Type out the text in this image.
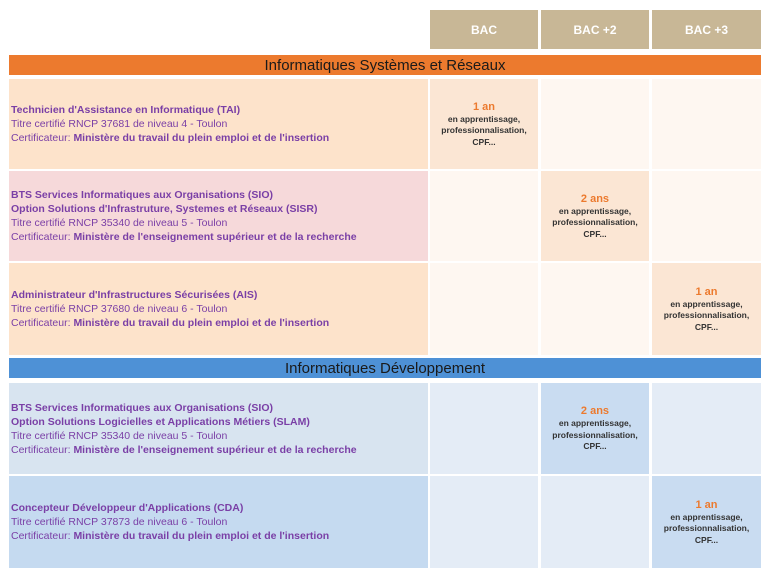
BAC	BAC +2	BAC +3
Informatiques Systèmes et Réseaux
Informatiques Développement
Technicien d'Assistance en Informatique (TAI)
Titre certifié RNCP 37681 de niveau 4 - Toulon
Certificateur: Ministère du travail du plein emploi et de l'insertion
1 an
en apprentissage,
professionnalisation,
CPF...
BTS Services Informatiques aux Organisations (SIO)
Option Solutions d'Infrastruture, Systemes et Réseaux (SISR)
Titre certifié RNCP 35340 de niveau 5 - Toulon
Certificateur: Ministère de l'enseignement supérieur et de la recherche
2 ans
en apprentissage,
professionnalisation,
CPF...
Administrateur d'Infrastructures Sécurisées (AIS)
Titre certifié RNCP 37680 de niveau 6 - Toulon
Certificateur: Ministère du travail du plein emploi et de l'insertion
1 an
en apprentissage,
professionnalisation,
CPF...
BTS Services Informatiques aux Organisations (SIO)
Option Solutions Logicielles et Applications Métiers (SLAM)
Titre certifié RNCP 35340 de niveau 5 - Toulon
Certificateur: Ministère de l'enseignement supérieur et de la recherche
2 ans
en apprentissage,
professionnalisation,
CPF...
Concepteur Développeur d'Applications (CDA)
Titre certifié RNCP 37873 de niveau 6 - Toulon
Certificateur: Ministère du travail du plein emploi et de l'insertion
1 an
en apprentissage,
professionnalisation,
CPF...
